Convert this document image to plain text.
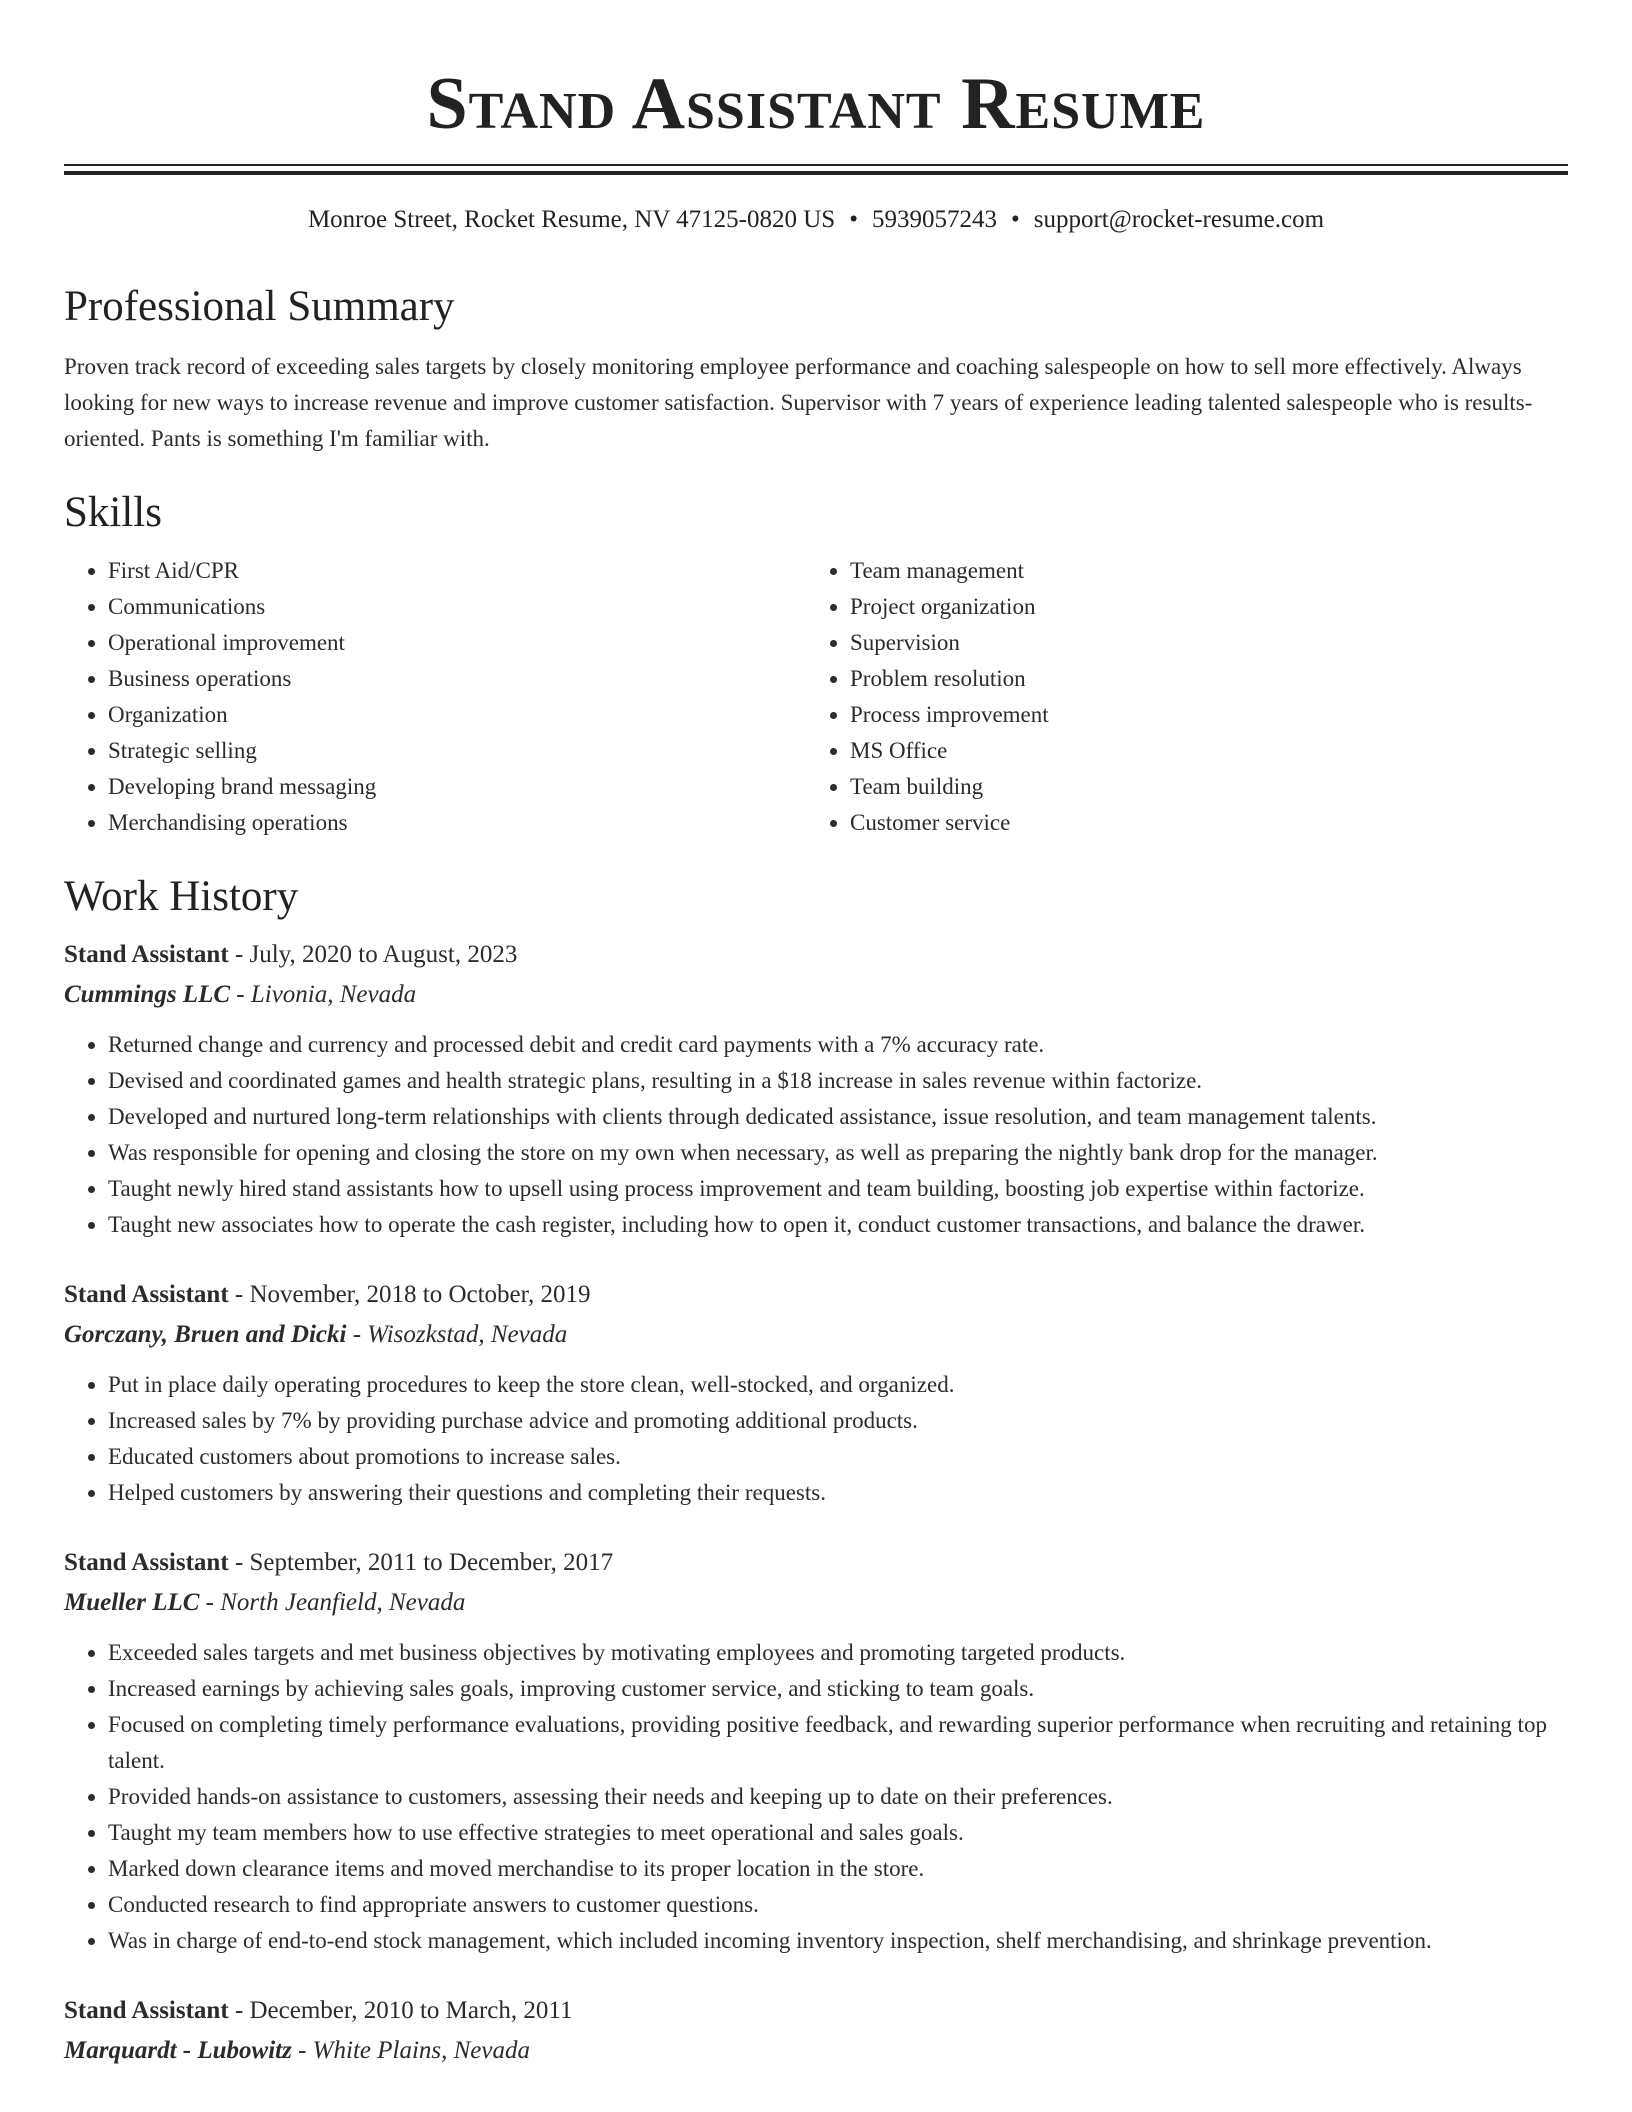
Stand Assistant Resume
Monroe Street, Rocket Resume, NV 47125-0820 US • 5939057243 • support@rocket-resume.com
Professional Summary

Proven track record of exceeding sales targets by closely monitoring employee performance and coaching salespeople on how to sell more effectively. Always looking for new ways to increase revenue and improve customer satisfaction. Supervisor with 7 years of experience leading talented salespeople who is results-oriented. Pants is something I'm familiar with.

Skills
• First Aid/CPR
• Communications
• Operational improvement
• Business operations
• Organization
• Strategic selling
• Developing brand messaging
• Merchandising operations
• Team management
• Project organization
• Supervision
• Problem resolution
• Process improvement
• MS Office
• Team building
• Customer service
Work History
Stand Assistant - July, 2020 to August, 2023
Cummings LLC - Livonia, Nevada
• Returned change and currency and processed debit and credit card payments with a 7% accuracy rate.
• Devised and coordinated games and health strategic plans, resulting in a $18 increase in sales revenue within factorize.
• Developed and nurtured long-term relationships with clients through dedicated assistance, issue resolution, and team management talents.
• Was responsible for opening and closing the store on my own when necessary, as well as preparing the nightly bank drop for the manager.
• Taught newly hired stand assistants how to upsell using process improvement and team building, boosting job expertise within factorize.
• Taught new associates how to operate the cash register, including how to open it, conduct customer transactions, and balance the drawer.
Stand Assistant - November, 2018 to October, 2019
Gorczany, Bruen and Dicki - Wisozkstad, Nevada
• Put in place daily operating procedures to keep the store clean, well-stocked, and organized.
• Increased sales by 7% by providing purchase advice and promoting additional products.
• Educated customers about promotions to increase sales.
• Helped customers by answering their questions and completing their requests.
Stand Assistant - September, 2011 to December, 2017
Mueller LLC - North Jeanfield, Nevada
• Exceeded sales targets and met business objectives by motivating employees and promoting targeted products.
• Increased earnings by achieving sales goals, improving customer service, and sticking to team goals.
• Focused on completing timely performance evaluations, providing positive feedback, and rewarding superior performance when recruiting and retaining top talent.
• Provided hands-on assistance to customers, assessing their needs and keeping up to date on their preferences.
• Taught my team members how to use effective strategies to meet operational and sales goals.
• Marked down clearance items and moved merchandise to its proper location in the store.
• Conducted research to find appropriate answers to customer questions.
• Was in charge of end-to-end stock management, which included incoming inventory inspection, shelf merchandising, and shrinkage prevention.
Stand Assistant - December, 2010 to March, 2011
Marquardt - Lubowitz - White Plains, Nevada
